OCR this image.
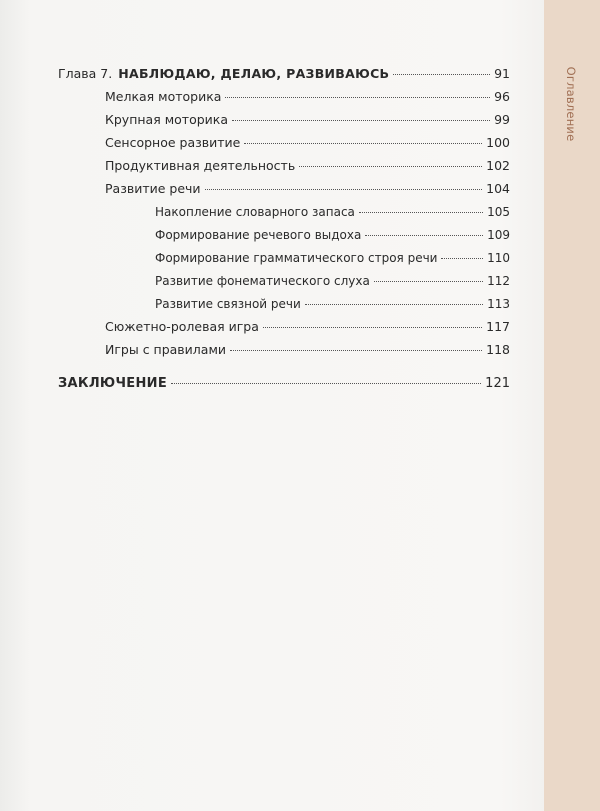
Оглавление
Глава 7. НАБЛЮДАЮ, ДЕЛАЮ, РАЗВИВАЮСЬ	91
Мелкая моторика	96
Крупная моторика	99
Сенсорное развитие	100
Продуктивная деятельность	102
Развитие речи	104
Накопление словарного запаса	105
Формирование речевого выдоха	109
Формирование грамматического строя речи	110
Развитие фонематического слуха	112
Развитие связной речи	113
Сюжетно-ролевая игра	117
Игры с правилами	118
ЗАКЛЮЧЕНИЕ	121
